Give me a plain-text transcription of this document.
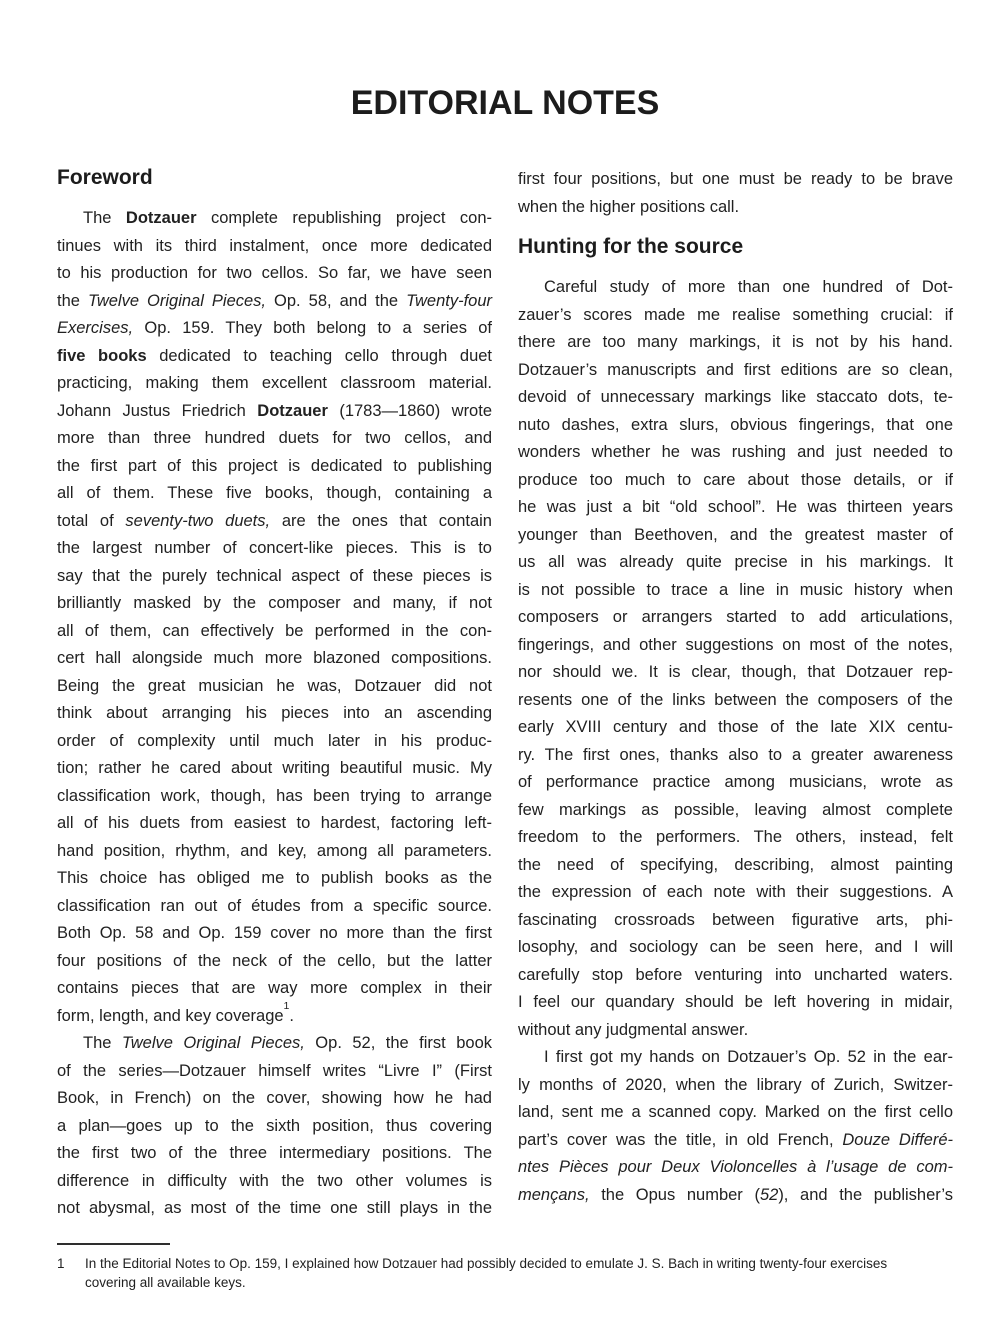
EDITORIAL NOTES
Foreword
The Dotzauer complete republishing project con-
tinues with its third instalment, once more dedicated
to his production for two cellos. So far, we have seen
the Twelve Original Pieces, Op. 58, and the Twenty-four
Exercises, Op. 159. They both belong to a series of
five books dedicated to teaching cello through duet
practicing, making them excellent classroom material.
Johann Justus Friedrich Dotzauer (1783—1860) wrote
more than three hundred duets for two cellos, and
the first part of this project is dedicated to publishing
all of them. These five books, though, containing a
total of seventy-two duets, are the ones that contain
the largest number of concert-like pieces. This is to
say that the purely technical aspect of these pieces is
brilliantly masked by the composer and many, if not
all of them, can effectively be performed in the con-
cert hall alongside much more blazoned compositions.
Being the great musician he was, Dotzauer did not
think about arranging his pieces into an ascending
order of complexity until much later in his produc-
tion; rather he cared about writing beautiful music. My
classification work, though, has been trying to arrange
all of his duets from easiest to hardest, factoring left-
hand position, rhythm, and key, among all parameters.
This choice has obliged me to publish books as the
classification ran out of études from a specific source.
Both Op. 58 and Op. 159 cover no more than the first
four positions of the neck of the cello, but the latter
contains pieces that are way more complex in their
form, length, and key coverage$^1$.
The Twelve Original Pieces, Op. 52, the first book
of the series—Dotzauer himself writes “Livre I” (First
Book, in French) on the cover, showing how he had
a plan—goes up to the sixth position, thus covering
the first two of the three intermediary positions. The
difference in difficulty with the two other volumes is
not abysmal, as most of the time one still plays in the
first four positions, but one must be ready to be brave
when the higher positions call.
Hunting for the source
Careful study of more than one hundred of Dot-
zauer’s scores made me realise something crucial: if
there are too many markings, it is not by his hand.
Dotzauer’s manuscripts and first editions are so clean,
devoid of unnecessary markings like staccato dots, te-
nuto dashes, extra slurs, obvious fingerings, that one
wonders whether he was rushing and just needed to
produce too much to care about those details, or if
he was just a bit “old school”. He was thirteen years
younger than Beethoven, and the greatest master of
us all was already quite precise in his markings. It
is not possible to trace a line in music history when
composers or arrangers started to add articulations,
fingerings, and other suggestions on most of the notes,
nor should we. It is clear, though, that Dotzauer rep-
resents one of the links between the composers of the
early XVIII century and those of the late XIX centu-
ry. The first ones, thanks also to a greater awareness
of performance practice among musicians, wrote as
few markings as possible, leaving almost complete
freedom to the performers. The others, instead, felt
the need of specifying, describing, almost painting
the expression of each note with their suggestions. A
fascinating crossroads between figurative arts, phi-
losophy, and sociology can be seen here, and I will
carefully stop before venturing into uncharted waters.
I feel our quandary should be left hovering in midair,
without any judgmental answer.
I first got my hands on Dotzauer’s Op. 52 in the ear-
ly months of 2020, when the library of Zurich, Switzer-
land, sent me a scanned copy. Marked on the first cello
part’s cover was the title, in old French, Douze Differé-
ntes Pièces pour Deux Violoncelles à l’usage de com-
mençans, the Opus number (52), and the publisher’s
1	In the Editorial Notes to Op. 159, I explained how Dotzauer had possibly decided to emulate J. S. Bach in writing twenty-four exercises
covering all available keys.
